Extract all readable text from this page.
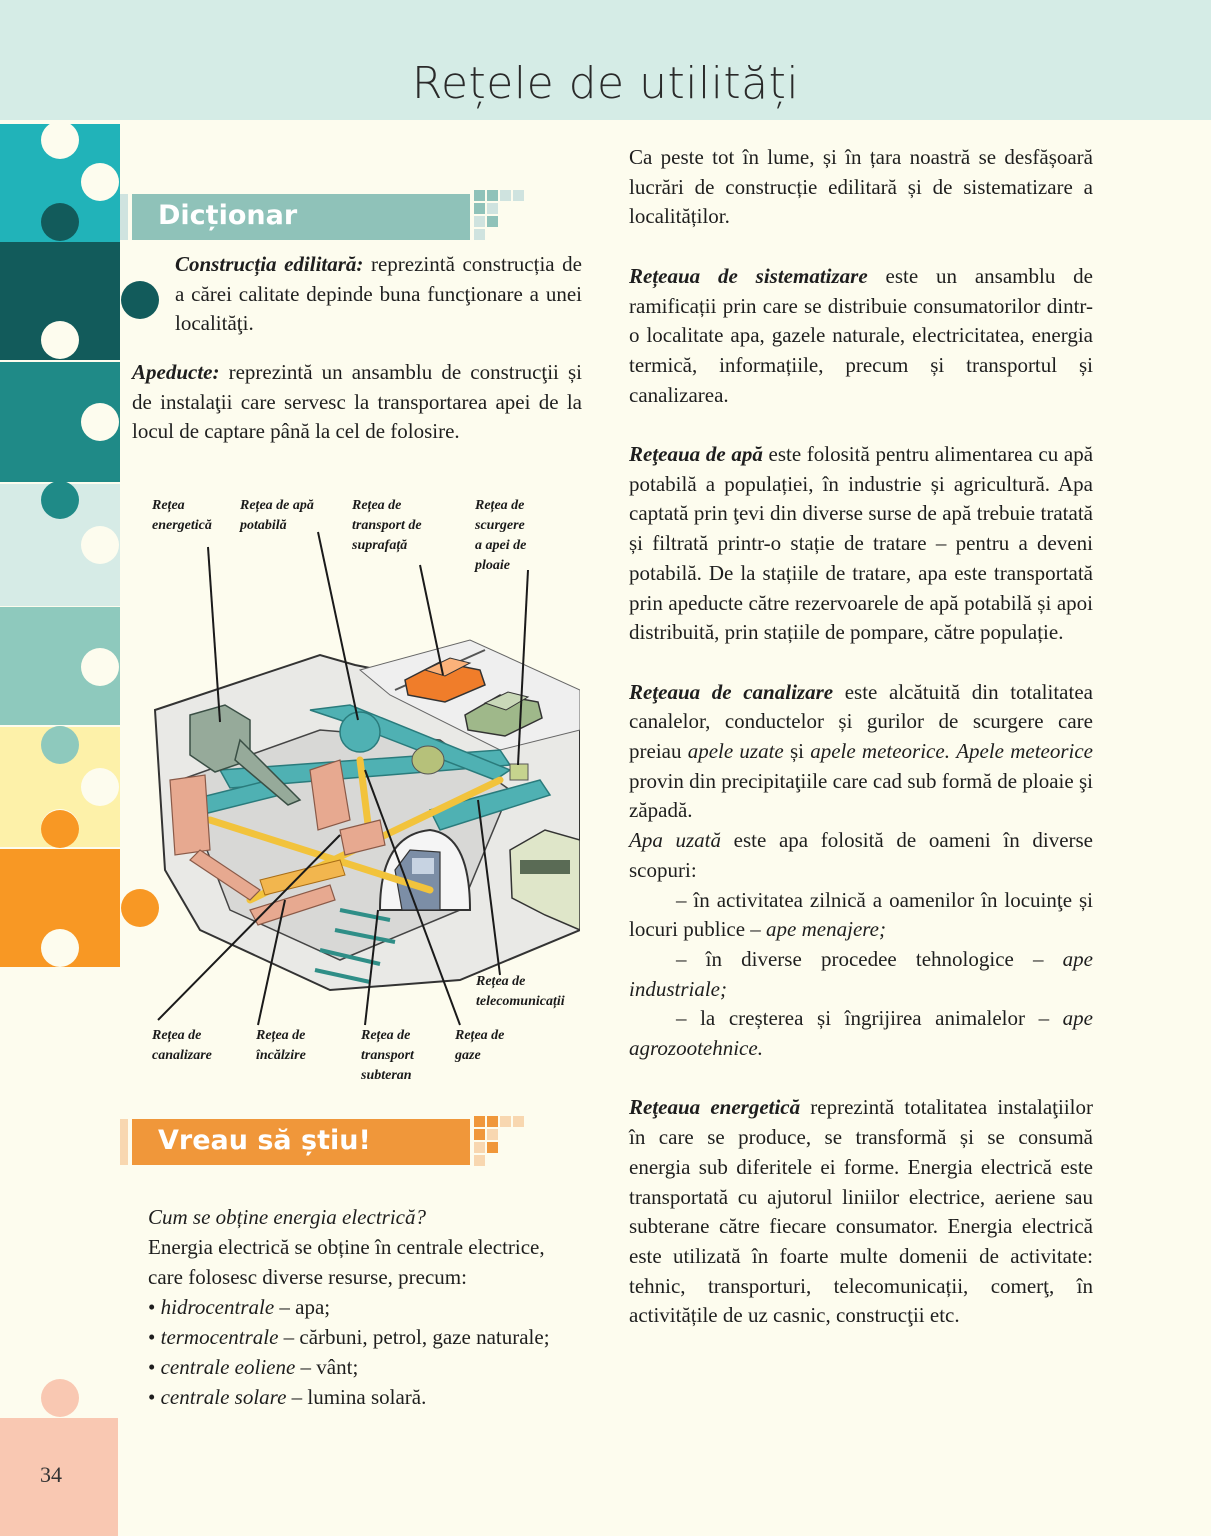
Rețele de utilități
Dicționar
Construcția edilitară: reprezintă construcția de a cărei calitate depinde buna funcţionare a unei localităţi.
Apeducte: reprezintă un ansamblu de construcţii și de instalaţii care servesc la transportarea apei de la locul de captare până la cel de folosire.
Rețea
energetică
Rețea de apă
potabilă
Rețea de
transport de
suprafață
Rețea de
scurgere
a apei de
ploaie
Rețea de
telecomunicații
Rețea de
canalizare
Rețea de
încălzire
Rețea de
transport
subteran
Rețea de
gaze
Vreau să știu!
Cum se obține energia electrică?
Energia electrică se obține în centrale electrice,
care folosesc diverse resurse, precum:
• hidrocentrale – apa;
• termocentrale – cărbuni, petrol, gaze naturale;
• centrale eoliene – vânt;
• centrale solare – lumina solară.

Ca peste tot în lume, și în țara noastră se desfășoară lucrări de construcție edilitară și de sistematizare a localităților.

Rețeaua de sistematizare este un ansamblu de ramificații prin care se distribuie consumatorilor dintr-o localitate apa, gazele naturale, electricitatea, energia termică, informațiile, precum și transportul și canalizarea.

Reţeaua de apă este folosită pentru alimentarea cu apă potabilă a populației, în industrie și agricultură. Apa captată prin ţevi din diverse surse de apă trebuie tratată și filtrată printr-o stație de tratare – pentru a deveni potabilă. De la stațiile de tratare, apa este transportată prin apeducte către rezervoarele de apă potabilă și apoi distribuită, prin stațiile de pompare, către populație.

Reţeaua de canalizare este alcătuită din totalitatea canalelor, conductelor și gurilor de scurgere care preiau apele uzate și apele meteorice. Apele meteorice provin din precipitaţiile care cad sub formă de ploaie şi zăpadă.

Apa uzată este apa folosită de oameni în diverse scopuri:

– în activitatea zilnică a oamenilor în locuinţe și locuri publice – ape menajere;

– în diverse procedee tehnologice – ape industriale;

– la creșterea și îngrijirea animalelor – ape agrozootehnice.

Reţeaua energetică reprezintă totalitatea instalaţiilor în care se produce, se transformă și se consumă energia sub diferitele ei forme. Energia electrică este transportată cu ajutorul liniilor electrice, aeriene sau subterane către fiecare consumator. Energia electrică este utilizată în foarte multe domenii de activitate: tehnic, transporturi, telecomunicații, comerţ, în activitățile de uz casnic, construcţii etc.

34
